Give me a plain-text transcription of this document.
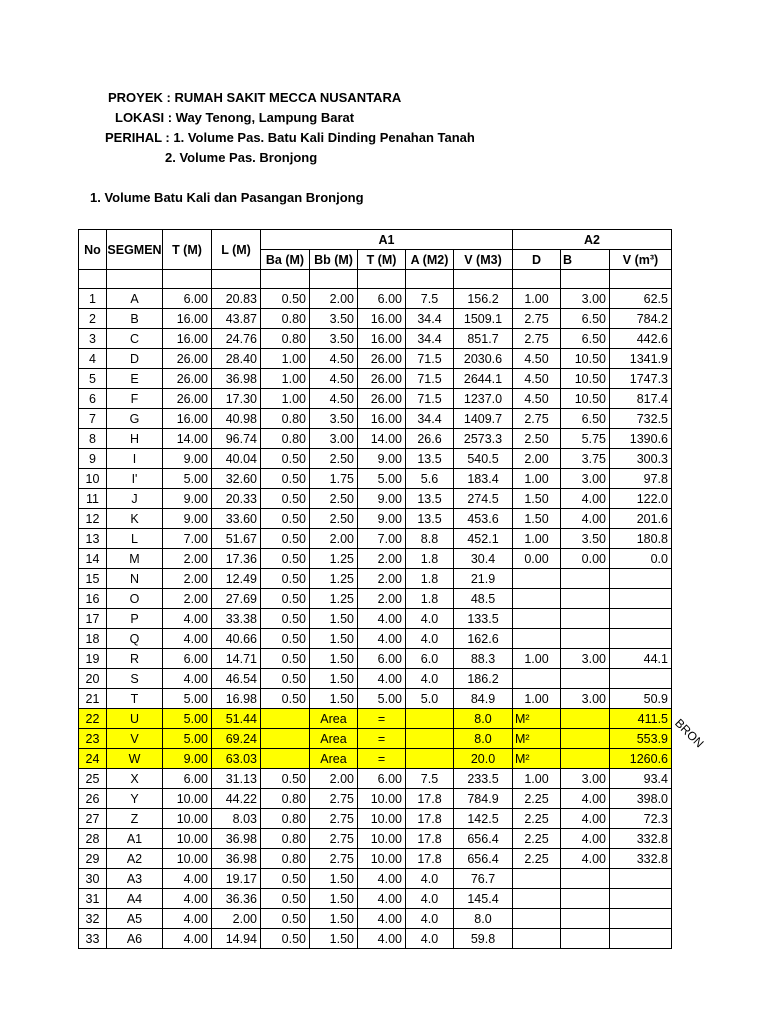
PROYEK : RUMAH SAKIT MECCA NUSANTARA
LOKASI : Way Tenong, Lampung Barat
PERIHAL : 1. Volume Pas. Batu Kali Dinding Penahan Tanah
2. Volume Pas. Bronjong
1. Volume Batu Kali dan Pasangan Bronjong
No	SEGMEN	T (M)	L (M)	A1					A2		
				Ba (M)	Bb (M)	T (M)	A (M2)	V (M3)	D	B	V (m³)

1	A	6.00	20.83	0.50	2.00	6.00	7.5	156.2	1.00	3.00	62.5
2	B	16.00	43.87	0.80	3.50	16.00	34.4	1509.1	2.75	6.50	784.2
3	C	16.00	24.76	0.80	3.50	16.00	34.4	851.7	2.75	6.50	442.6
4	D	26.00	28.40	1.00	4.50	26.00	71.5	2030.6	4.50	10.50	1341.9
5	E	26.00	36.98	1.00	4.50	26.00	71.5	2644.1	4.50	10.50	1747.3
6	F	26.00	17.30	1.00	4.50	26.00	71.5	1237.0	4.50	10.50	817.4
7	G	16.00	40.98	0.80	3.50	16.00	34.4	1409.7	2.75	6.50	732.5
8	H	14.00	96.74	0.80	3.00	14.00	26.6	2573.3	2.50	5.75	1390.6
9	I	9.00	40.04	0.50	2.50	9.00	13.5	540.5	2.00	3.75	300.3
10	I'	5.00	32.60	0.50	1.75	5.00	5.6	183.4	1.00	3.00	97.8
11	J	9.00	20.33	0.50	2.50	9.00	13.5	274.5	1.50	4.00	122.0
12	K	9.00	33.60	0.50	2.50	9.00	13.5	453.6	1.50	4.00	201.6
13	L	7.00	51.67	0.50	2.00	7.00	8.8	452.1	1.00	3.50	180.8
14	M	2.00	17.36	0.50	1.25	2.00	1.8	30.4	0.00	0.00	0.0
15	N	2.00	12.49	0.50	1.25	2.00	1.8	21.9			
16	O	2.00	27.69	0.50	1.25	2.00	1.8	48.5			
17	P	4.00	33.38	0.50	1.50	4.00	4.0	133.5			
18	Q	4.00	40.66	0.50	1.50	4.00	4.0	162.6			
19	R	6.00	14.71	0.50	1.50	6.00	6.0	88.3	1.00	3.00	44.1
20	S	4.00	46.54	0.50	1.50	4.00	4.0	186.2			
21	T	5.00	16.98	0.50	1.50	5.00	5.0	84.9	1.00	3.00	50.9
22	U	5.00	51.44		Area	=		8.0	M²		411.5
23	V	5.00	69.24		Area	=		8.0	M²		553.9
24	W	9.00	63.03		Area	=		20.0	M²		1260.6
25	X	6.00	31.13	0.50	2.00	6.00	7.5	233.5	1.00	3.00	93.4
26	Y	10.00	44.22	0.80	2.75	10.00	17.8	784.9	2.25	4.00	398.0
27	Z	10.00	8.03	0.80	2.75	10.00	17.8	142.5	2.25	4.00	72.3
28	A1	10.00	36.98	0.80	2.75	10.00	17.8	656.4	2.25	4.00	332.8
29	A2	10.00	36.98	0.80	2.75	10.00	17.8	656.4	2.25	4.00	332.8
30	A3	4.00	19.17	0.50	1.50	4.00	4.0	76.7			
31	A4	4.00	36.36	0.50	1.50	4.00	4.0	145.4			
32	A5	4.00	2.00	0.50	1.50	4.00	4.0	8.0			
33	A6	4.00	14.94	0.50	1.50	4.00	4.0	59.8			
BRON
